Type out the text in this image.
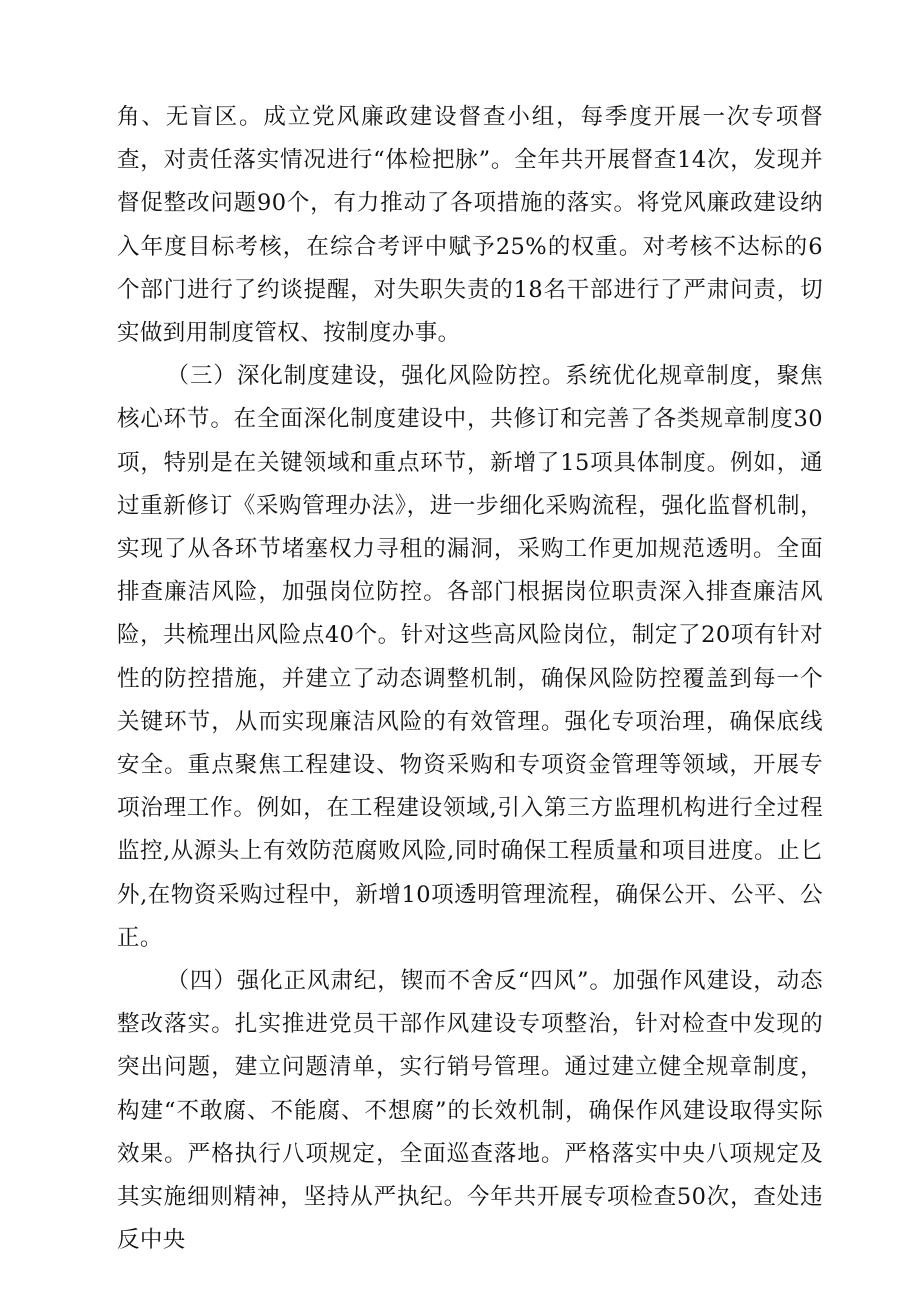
角、无盲区。成立党风廉政建设督查小组，每季度开展一次专项督查，对责任落实情况进行“体检把脉”。全年共开展督查14次，发现并督促整改问题90个，有力推动了各项措施的落实。将党风廉政建设纳入年度目标考核，在综合考评中赋予25%的权重。对考核不达标的6个部门进行了约谈提醒，对失职失责的18名干部进行了严肃问责，切实做到用制度管权、按制度办事。

（三）深化制度建设，强化风险防控。系统优化规章制度，聚焦核心环节。在全面深化制度建设中，共修订和完善了各类规章制度30项，特别是在关键领域和重点环节，新增了15项具体制度。例如，通过重新修订《采购管理办法》，进一步细化采购流程，强化监督机制，实现了从各环节堵塞权力寻租的漏洞，采购工作更加规范透明。全面排查廉洁风险，加强岗位防控。各部门根据岗位职责深入排查廉洁风险，共梳理出风险点40个。针对这些高风险岗位，制定了20项有针对性的防控措施，并建立了动态调整机制，确保风险防控覆盖到每一个关键环节，从而实现廉洁风险的有效管理。强化专项治理，确保底线安全。重点聚焦工程建设、物资采购和专项资金管理等领域，开展专项治理工作。例如，在工程建设领域,引入第三方监理机构进行全过程监控,从源头上有效防范腐败风险,同时确保工程质量和项目进度。止匕外,在物资采购过程中，新增10项透明管理流程，确保公开、公平、公正。

（四）强化正风肃纪，锲而不舍反“四风”。加强作风建设，动态整改落实。扎实推进党员干部作风建设专项整治，针对检查中发现的突出问题，建立问题清单，实行销号管理。通过建立健全规章制度，构建“不敢腐、不能腐、不想腐”的长效机制，确保作风建设取得实际效果。严格执行八项规定，全面巡查落地。严格落实中央八项规定及其实施细则精神，坚持从严执纪。今年共开展专项检查50次，查处违反中央
